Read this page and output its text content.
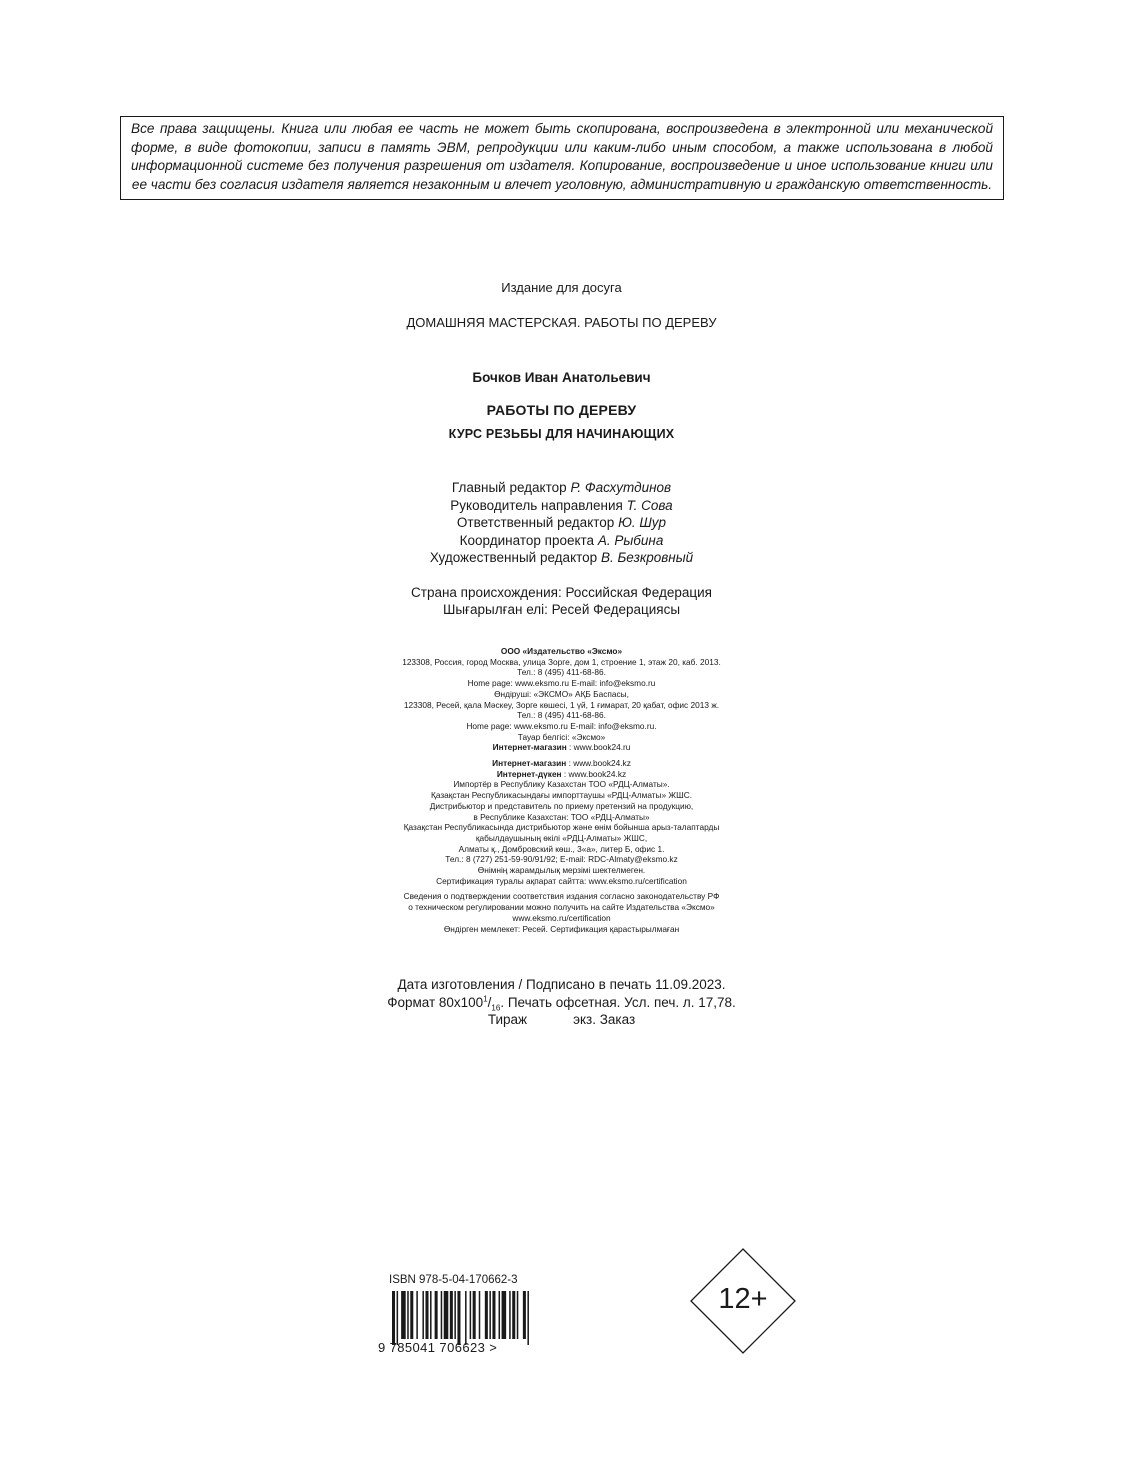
Все права защищены. Книга или любая ее часть не может быть скопирована, воспроизведена в электронной или механической форме, в виде фотокопии, записи в память ЭВМ, репродукции или каким-либо иным способом, а также использована в любой информационной системе без получения разрешения от издателя. Копирование, воспроизведение и иное использование книги или ее части без согласия издателя является незаконным и влечет уголовную, административную и гражданскую ответственность.
Издание для досуга
ДОМАШНЯЯ МАСТЕРСКАЯ. РАБОТЫ ПО ДЕРЕВУ
Бочков Иван Анатольевич
РАБОТЫ ПО ДЕРЕВУ
КУРС РЕЗЬБЫ ДЛЯ НАЧИНАЮЩИХ
Главный редактор Р. Фасхутдинов
Руководитель направления Т. Сова
Ответственный редактор Ю. Шур
Координатор проекта А. Рыбина
Художественный редактор В. Безкровный
Страна происхождения: Российская Федерация
Шығарылған елі: Ресей Федерациясы
ООО «Издательство «Эксмо»
123308, Россия, город Москва, улица Зорге, дом 1, строение 1, этаж 20, каб. 2013.
Тел.: 8 (495) 411-68-86.
Home page: www.eksmo.ru E-mail: info@eksmo.ru
Өндіруші: «ЭКСМО» АҚБ Баспасы,
123308, Ресей, қала Мәскеу, Зорге көшесі, 1 үй, 1 ғимарат, 20 қабат, офис 2013 ж.
Тел.: 8 (495) 411-68-86.
Home page: www.eksmo.ru E-mail: info@eksmo.ru.
Тауар белгісі: «Эксмо»
Интернет-магазин : www.book24.ru
Интернет-магазин : www.book24.kz
Интернет-дүкен : www.book24.kz
Импортёр в Республику Казахстан ТОО «РДЦ-Алматы».
Қазақстан Республикасындағы импорттаушы «РДЦ-Алматы» ЖШС.
Дистрибьютор и представитель по приему претензий на продукцию,
в Республике Казахстан: ТОО «РДЦ-Алматы»
Қазақстан Республикасында дистрибьютор және өнім бойынша арыз-талаптарды
қабылдаушының өкілі «РДЦ-Алматы» ЖШС,
Алматы қ., Домбровский көш., 3«а», литер Б, офис 1.
Тел.: 8 (727) 251-59-90/91/92; E-mail: RDC-Almaty@eksmo.kz
Өнімнің жарамдылық мерзімі шектелмеген.
Сертификация туралы ақпарат сайтта: www.eksmo.ru/certification
Сведения о подтверждении соответствия издания согласно законодательству РФ
о техническом регулировании можно получить на сайте Издательства «Эксмо»
www.eksmo.ru/certification
Өндірген мемлекет: Ресей. Сертификация қарастырылмаған
Дата изготовления / Подписано в печать 11.09.2023.
Формат $80x100^1/_{16}$. Печать офсетная. Усл. печ. л. 17,78.
Тираж	экз. Заказ
ISBN 978-5-04-170662-3
9 785041 706623 >
12+
